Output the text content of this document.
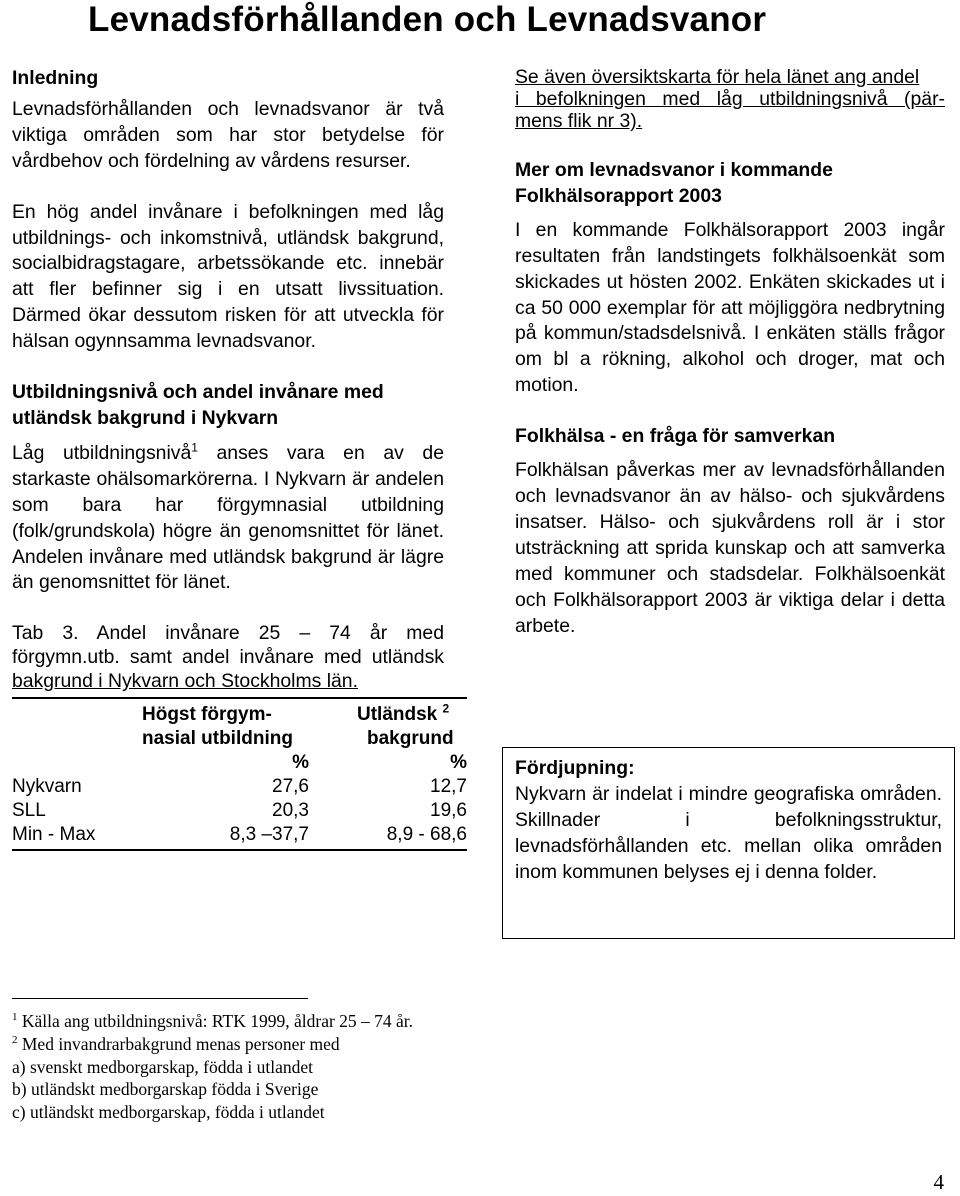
Levnadsförhållanden och Levnadsvanor
Inledning

Levnadsförhållanden och levnadsvanor är två viktiga områden som har stor betydelse för vårdbehov och fördelning av vårdens resurser.

En hög andel invånare i befolkningen med låg utbildnings- och inkomstnivå, utländsk bakgrund, socialbidragstagare, arbetssökande etc. innebär att fler befinner sig i en utsatt livssituation. Därmed ökar dessutom risken för att utveckla för hälsan ogynnsamma levnadsvanor.

Utbildningsnivå och andel invånare med utländsk bakgrund i Nykvarn

Låg utbildningsnivå$^1$ anses vara en av de starkaste ohälsomarkörerna. I Nykvarn är andelen som bara har förgymnasial utbildning (folk/grundskola) högre än genomsnittet för länet. Andelen invånare med utländsk bakgrund är lägre än genomsnittet för länet.

Tab 3. Andel invånare 25 – 74 år med förgymn.utb. samt andel invånare med utländsk bakgrund i Nykvarn och Stockholms län.

	Högst förgym-	Utländsk $^2$
	nasial utbildning	bakgrund
	%	%
Nykvarn	27,6	12,7
SLL	20,3	19,6
Min - Max	8,3 –37,7	8,9 - 68,6

Se även översiktskarta för hela länet ang andel
i befolkningen med låg utbildningsnivå (pär-
mens flik nr 3).

Mer om levnadsvanor i kommande Folkhälsorapport 2003

I en kommande Folkhälsorapport 2003 ingår resultaten från landstingets folkhälsoenkät som skickades ut hösten 2002. Enkäten skickades ut i ca 50 000 exemplar för att möjliggöra nedbrytning på kommun/stadsdelsnivå. I enkäten ställs frågor om bl a rökning, alkohol och droger, mat och motion.

Folkhälsa - en fråga för samverkan

Folkhälsan påverkas mer av levnadsförhållanden och levnadsvanor än av hälso- och sjukvårdens insatser. Hälso- och sjukvårdens roll är i stor utsträckning att sprida kunskap och att samverka med kommuner och stadsdelar. Folkhälsoenkät och Folkhälsorapport 2003 är viktiga delar i detta arbete.

Fördjupning:

Nykvarn är indelat i mindre geografiska områden. Skillnader i befolkningsstruktur, levnadsförhållanden etc. mellan olika områden inom kommunen belyses ej i denna folder.

$^1$ Källa ang utbildningsnivå: RTK 1999, åldrar 25 – 74 år.

$^2$ Med invandrarbakgrund menas personer med

a) svenskt medborgarskap, födda i utlandet

b) utländskt medborgarskap födda i Sverige

c) utländskt medborgarskap, födda i utlandet

4
